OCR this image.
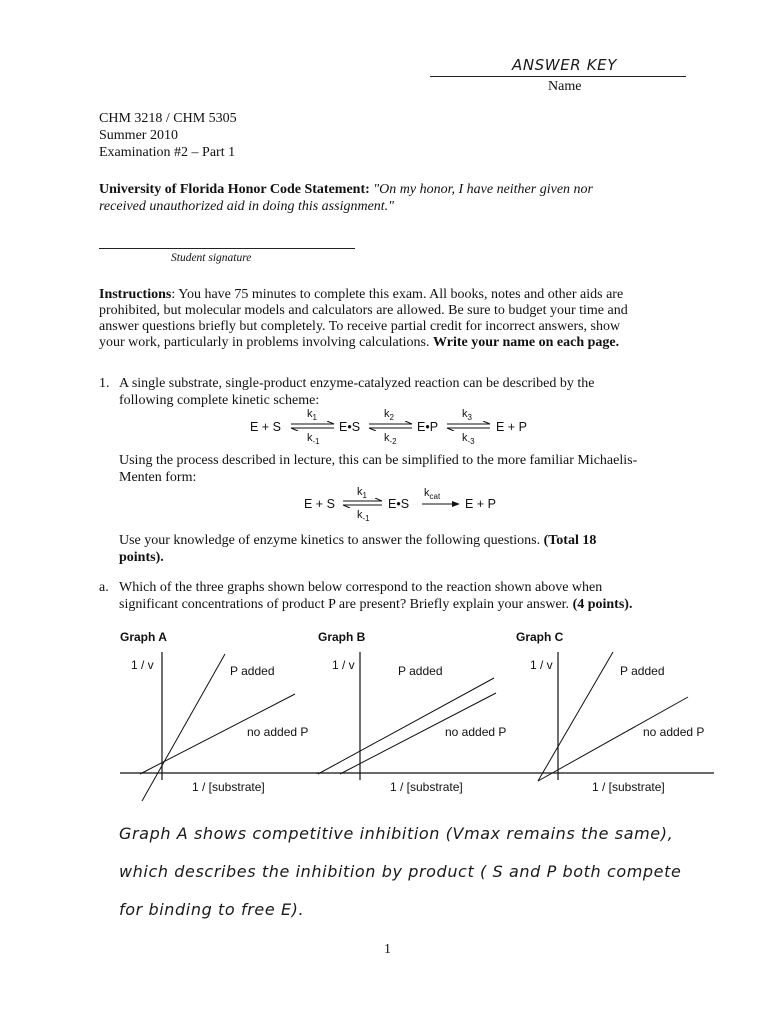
ANSWER KEY
Name
CHM 3218 / CHM 5305
Summer 2010
Examination #2 – Part 1
University of Florida Honor Code Statement: "On my honor, I have neither given nor
received unauthorized aid in doing this assignment."
Student signature
Instructions: You have 75 minutes to complete this exam. All books, notes and other aids are
prohibited, but molecular models and calculators are allowed. Be sure to budget your time and
answer questions briefly but completely. To receive partial credit for incorrect answers, show
your work, particularly in problems involving calculations. Write your name on each page.
1. A single substrate, single-product enzyme-catalyzed reaction can be described by the
following complete kinetic scheme:
E + S
$k_1$
$k_{-1}$
E•S
$k_2$
$k_{-2}$
E•P
$k_3$
$k_{-3}$
E + P
Using the process described in lecture, this can be simplified to the more familiar Michaelis-
Menten form:
E + S
$k_1$
$k_{-1}$
E•S
$k_{cat}$
E + P
Use your knowledge of enzyme kinetics to answer the following questions. (Total 18
points).
a. Which of the three graphs shown below correspond to the reaction shown above when
significant concentrations of product P are present? Briefly explain your answer. (4 points).
Graph A
1 / v	P added
no added P
1 / [substrate]
Graph B
1 / v	P added
no added P
1 / [substrate]
Graph C
1 / v	P added
no added P
1 / [substrate]
Graph A shows competitive inhibition (Vmax remains the same),
which describes the inhibition by product ( S and P both compete
for binding to free E).
1
